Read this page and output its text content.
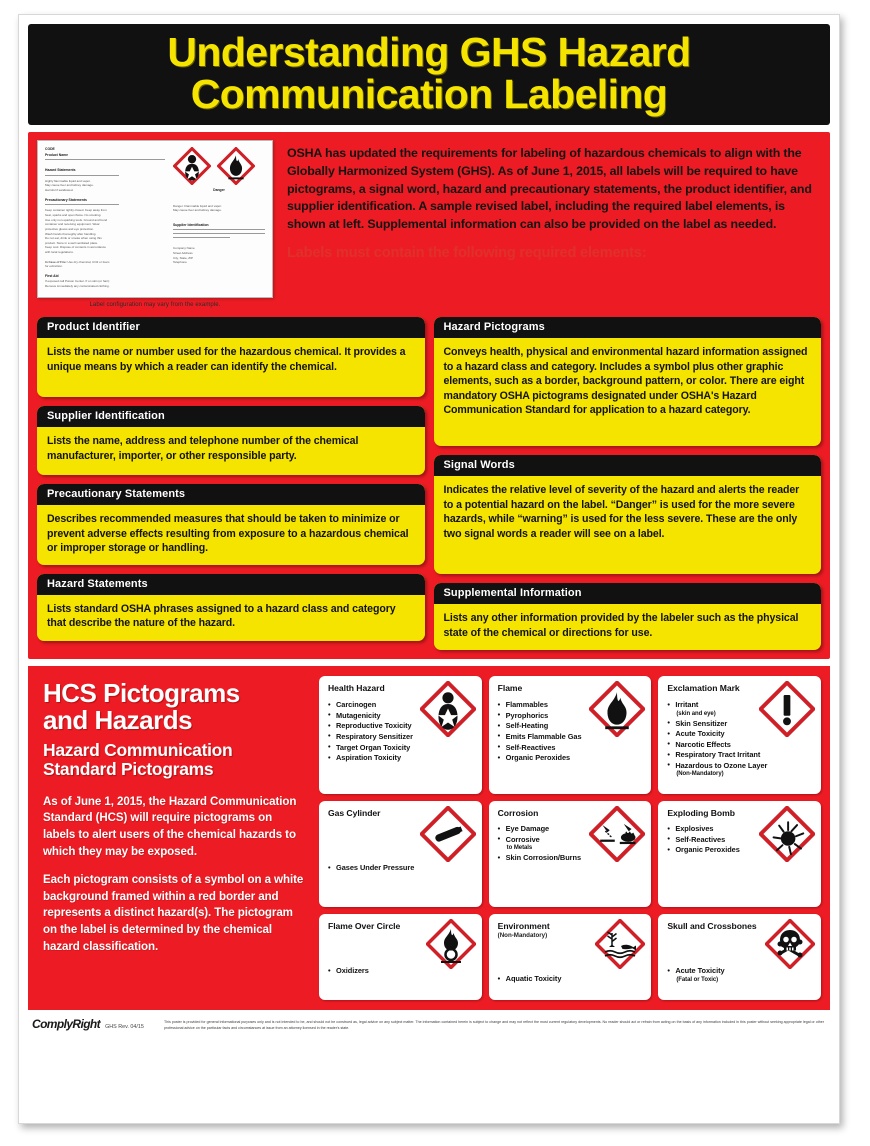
Understanding GHS Hazard
Communication Labeling
CODE
Product Name
Hazard Statements
Highly flammable liquid and vapor.
May cause liver and kidney damage.
Harmful if swallowed.
Precautionary Statements
Keep container tightly closed. Keep away from
heat, sparks and open flame. No smoking.
Use only non-sparking tools. Ground and bond
container and receiving equipment. Wear
protective gloves and eye protection.
Wash hands thoroughly after handling.
Do not eat, drink or smoke when using this
product. Store in a well ventilated place.
Keep cool. Dispose of contents in accordance
with local regulations.
In Case of Fire: Use dry chemical, CO2 or foam
for extinction.
First Aid
If exposed call Poison Center. If on skin (or hair):
Remove immediately any contaminated clothing.
Danger
Danger. Flammable liquid and vapor.
May cause liver and kidney damage.
Supplier Identification
Company Name
Street Address
City, State, ZIP
Telephone
Label configuration may vary from the example.

OSHA has updated the requirements for labeling of hazardous chemicals to align with the Globally Harmonized System (GHS). As of June 1, 2015, all labels will be required to have pictograms, a signal word, hazard and precautionary statements, the product identifier, and supplier identification. A sample revised label, including the required label elements, is shown at left. Supplemental information can also be provided on the label as needed.

Labels must contain the following required elements:
Product Identifier
Lists the name or number used for the hazardous chemical. It provides a unique means by which a reader can identify the chemical.
Supplier Identification
Lists the name, address and telephone number of the chemical manufacturer, importer, or other responsible party.
Precautionary Statements
Describes recommended measures that should be taken to minimize or prevent adverse effects resulting from exposure to a hazardous chemical or improper storage or handling.
Hazard Statements
Lists standard OSHA phrases assigned to a hazard class and category that describe the nature of the hazard.
Hazard Pictograms
Conveys health, physical and environmental hazard information assigned to a hazard class and category. Includes a symbol plus other graphic elements, such as a border, background pattern, or color. There are eight mandatory OSHA pictograms designated under OSHA's Hazard Communication Standard for application to a hazard category.
Signal Words
Indicates the relative level of severity of the hazard and alerts the reader to a potential hazard on the label. “Danger” is used for the more severe hazards, while “warning” is used for the less severe. These are the only two signal words a reader will see on a label.
Supplemental Information
Lists any other information provided by the labeler such as the physical state of the chemical or directions for use.
HCS Pictograms
and Hazards
Hazard Communication
Standard Pictograms

As of June 1, 2015, the Hazard Communication Standard (HCS) will require pictograms on labels to alert users of the chemical hazards to which they may be exposed.

Each pictogram consists of a symbol on a white background framed within a red border and represents a distinct hazard(s). The pictogram on the label is determined by the chemical hazard classification.

Health Hazard
• Carcinogen
• Mutagenicity
• Reproductive Toxicity
• Respiratory Sensitizer
• Target Organ Toxicity
• Aspiration Toxicity
Flame
• Flammables
• Pyrophorics
• Self-Heating
• Emits Flammable Gas
• Self-Reactives
• Organic Peroxides
Exclamation Mark
• Irritant
(skin and eye)
• Skin Sensitizer
• Acute Toxicity
• Narcotic Effects
• Respiratory Tract Irritant
• Hazardous to Ozone Layer
(Non-Mandatory)
Gas Cylinder
• Gases Under Pressure
Corrosion
• Eye Damage
• Corrosive
to Metals
• Skin Corrosion/Burns
Exploding Bomb
• Explosives
• Self-Reactives
• Organic Peroxides
Flame Over Circle
• Oxidizers
Environment
(Non-Mandatory)
• Aquatic Toxicity
Skull and Crossbones
• Acute Toxicity
(Fatal or Toxic)
ComplyRight GHS Rev. 04/15
This poster is provided for general informational purposes only and is not intended to be, and should not be construed as, legal advice on any subject matter. The information contained herein is subject to change and may not reflect the most current regulatory developments. No reader should act or refrain from acting on the basis of any information included in this poster without seeking appropriate legal or other professional advice on the particular facts and circumstances at issue from an attorney licensed in the reader's state.
